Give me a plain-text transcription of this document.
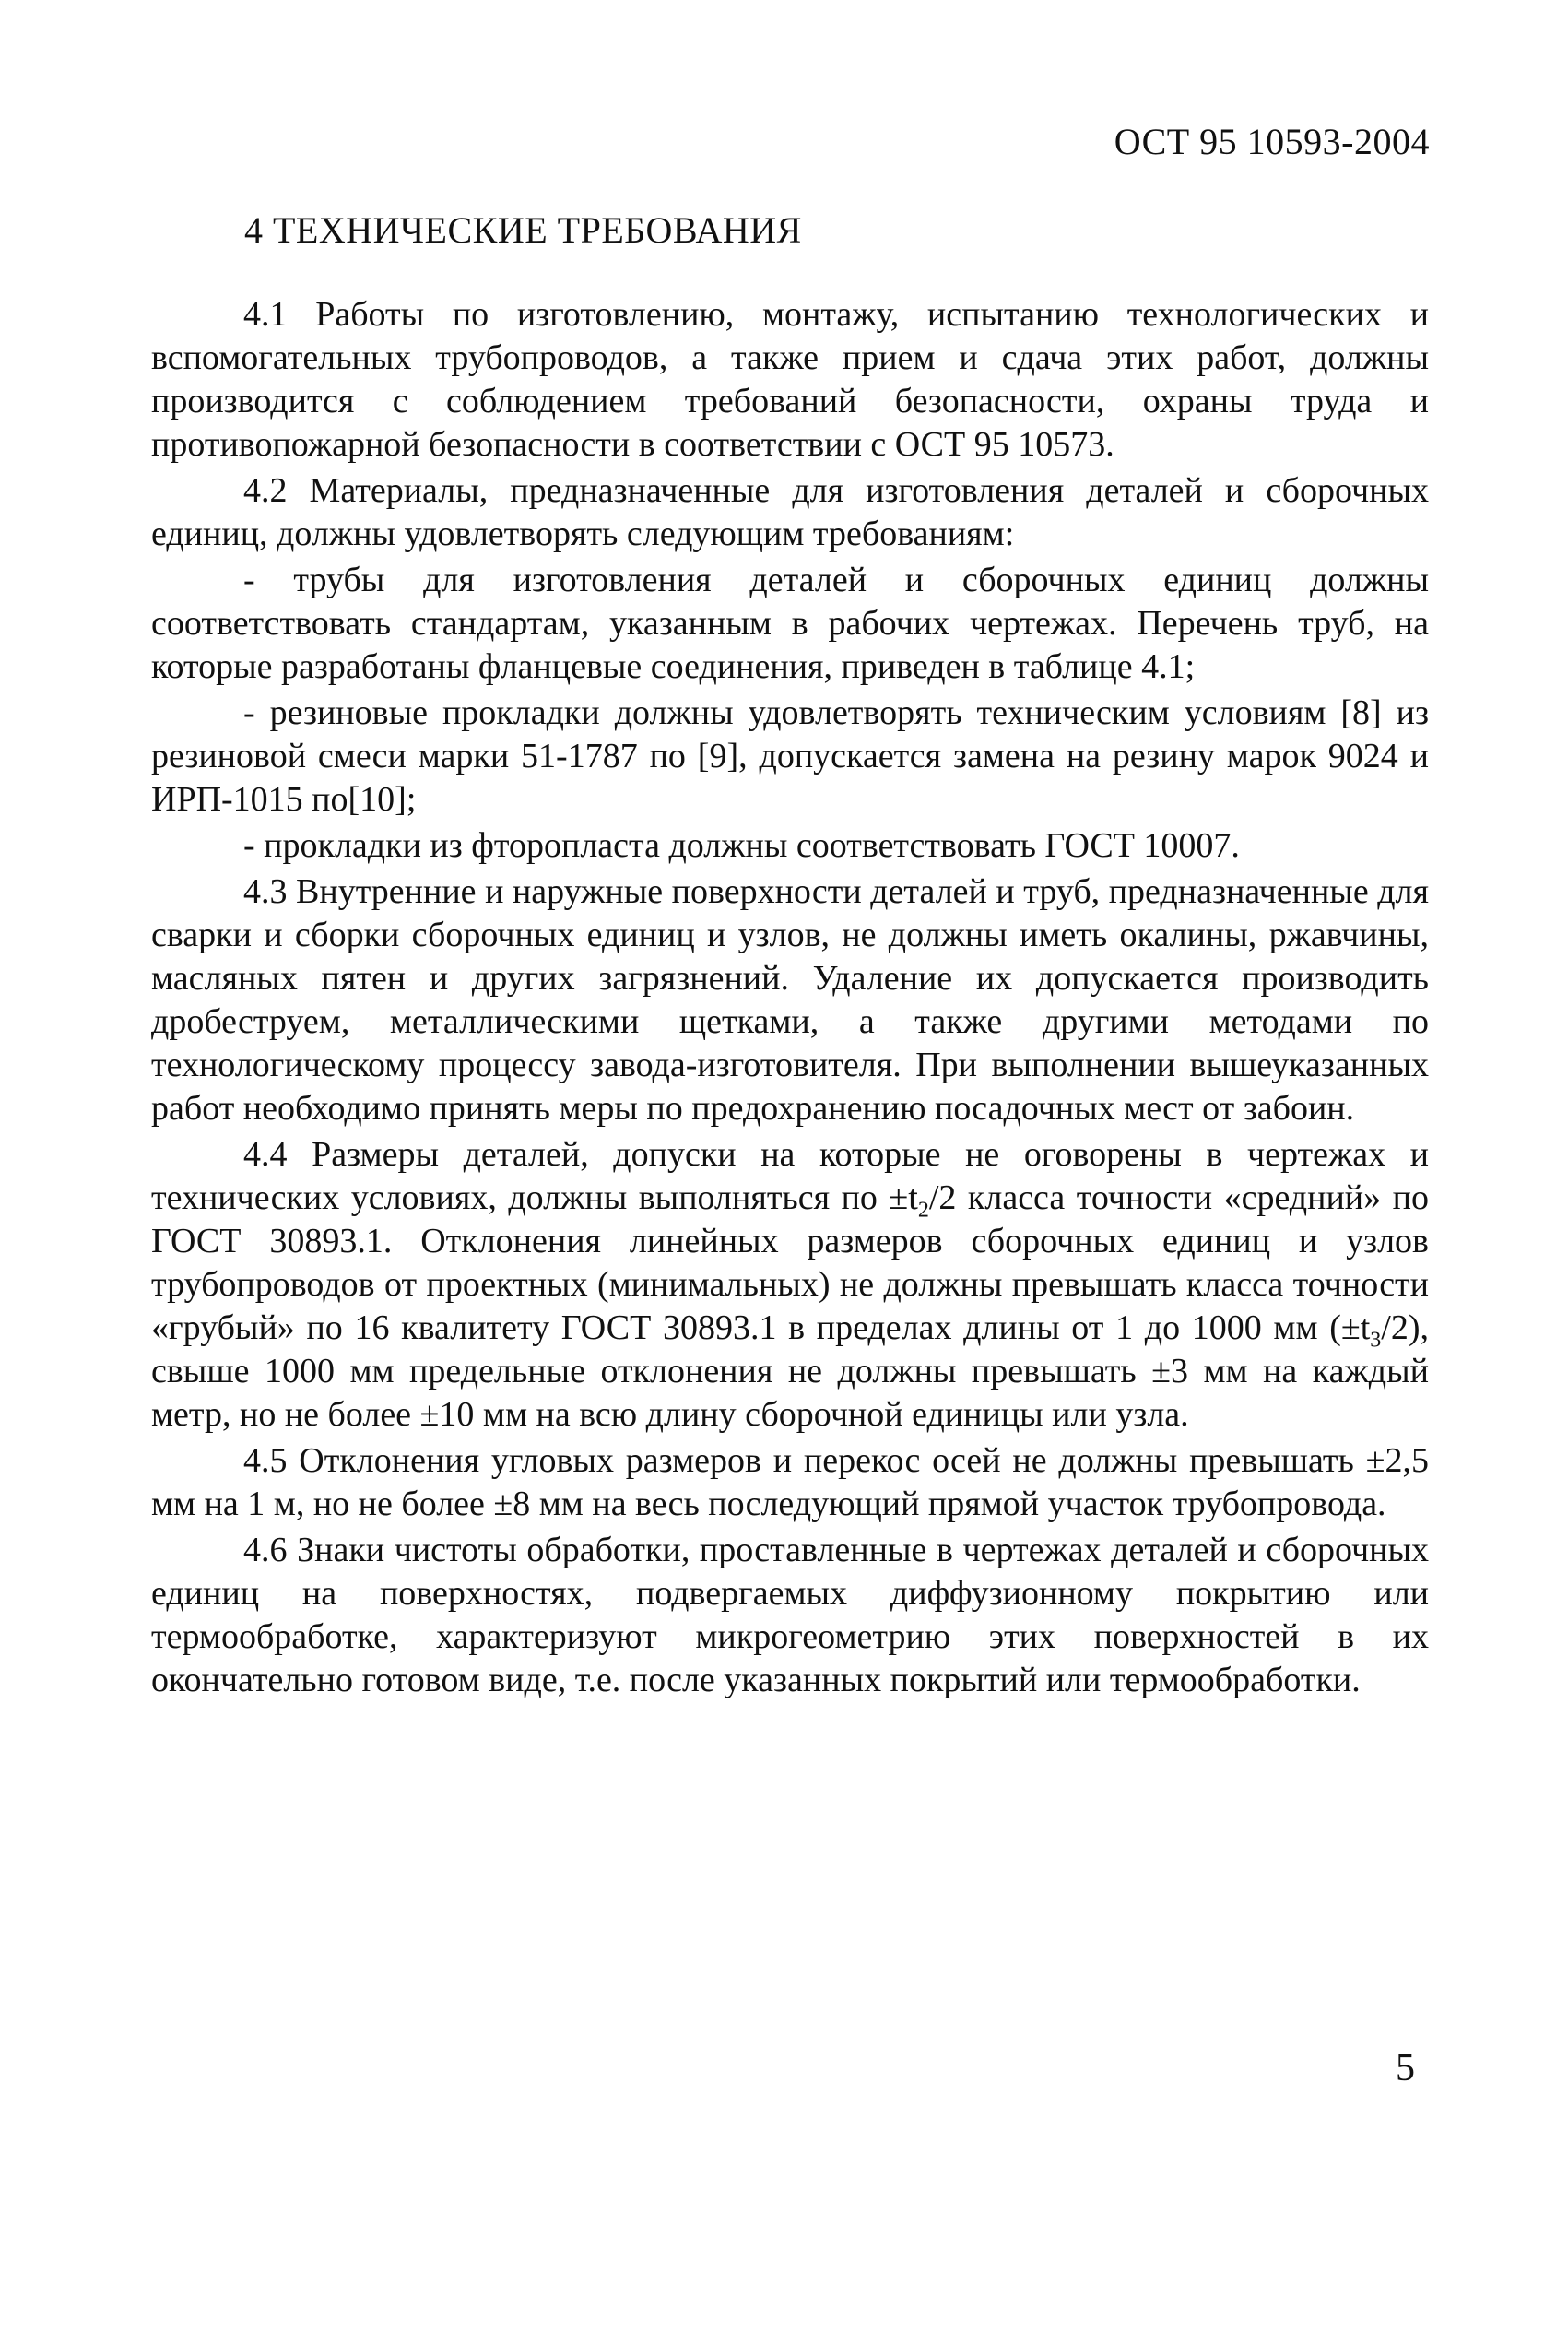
ОСТ 95 10593-2004
4 ТЕХНИЧЕСКИЕ ТРЕБОВАНИЯ

4.1 Работы по изготовлению, монтажу, испытанию технологических и вспомогательных трубопроводов, а также прием и сдача этих работ, должны производится с соблюдением требований безопасности, охраны труда и противопожарной безопасности в соответствии с ОСТ 95 10573.

4.2 Материалы, предназначенные для изготовления деталей и сборочных единиц, должны удовлетворять следующим требованиям:

- трубы для изготовления деталей и сборочных единиц должны соответствовать стандартам, указанным в рабочих чертежах. Перечень труб, на которые разработаны фланцевые соединения, приведен в таблице 4.1;

- резиновые прокладки должны удовлетворять техническим условиям [8] из резиновой смеси марки 51-1787 по [9], допускается замена на резину марок 9024 и ИРП-1015 по[10];

- прокладки из фторопласта должны соответствовать ГОСТ 10007.

4.3 Внутренние и наружные поверхности деталей и труб, предназначенные для сварки и сборки сборочных единиц и узлов, не должны иметь окалины, ржавчины, масляных пятен и других загрязнений. Удаление их допускается производить дробеструем, металлическими щетками, а также другими методами по технологическому процессу завода-изготовителя. При выполнении вышеуказанных работ необходимо принять меры по предохранению посадочных мест от забоин.

4.4 Размеры деталей, допуски на которые не оговорены в чертежах и технических условиях, должны выполняться по $\pm t_2/2$ класса точности «средний» по ГОСТ 30893.1. Отклонения линейных размеров сборочных единиц и узлов трубопроводов от проектных (минимальных) не должны превышать класса точности «грубый» по 16 квалитету ГОСТ 30893.1 в пределах длины от 1 до 1000 мм $(\pm t_3/2)$, свыше 1000 мм предельные отклонения не должны превышать ±3 мм на каждый метр, но не более ±10 мм на всю длину сборочной единицы или узла.

4.5 Отклонения угловых размеров и перекос осей не должны превышать ±2,5 мм на 1 м, но не более ±8 мм на весь последующий прямой участок трубопровода.

4.6 Знаки чистоты обработки, проставленные в чертежах деталей и сборочных единиц на поверхностях, подвергаемых диффузионному покрытию или термообработке, характеризуют микрогеометрию этих поверхностей в их окончательно готовом виде, т.е. после указанных покрытий или термообработки.

5
